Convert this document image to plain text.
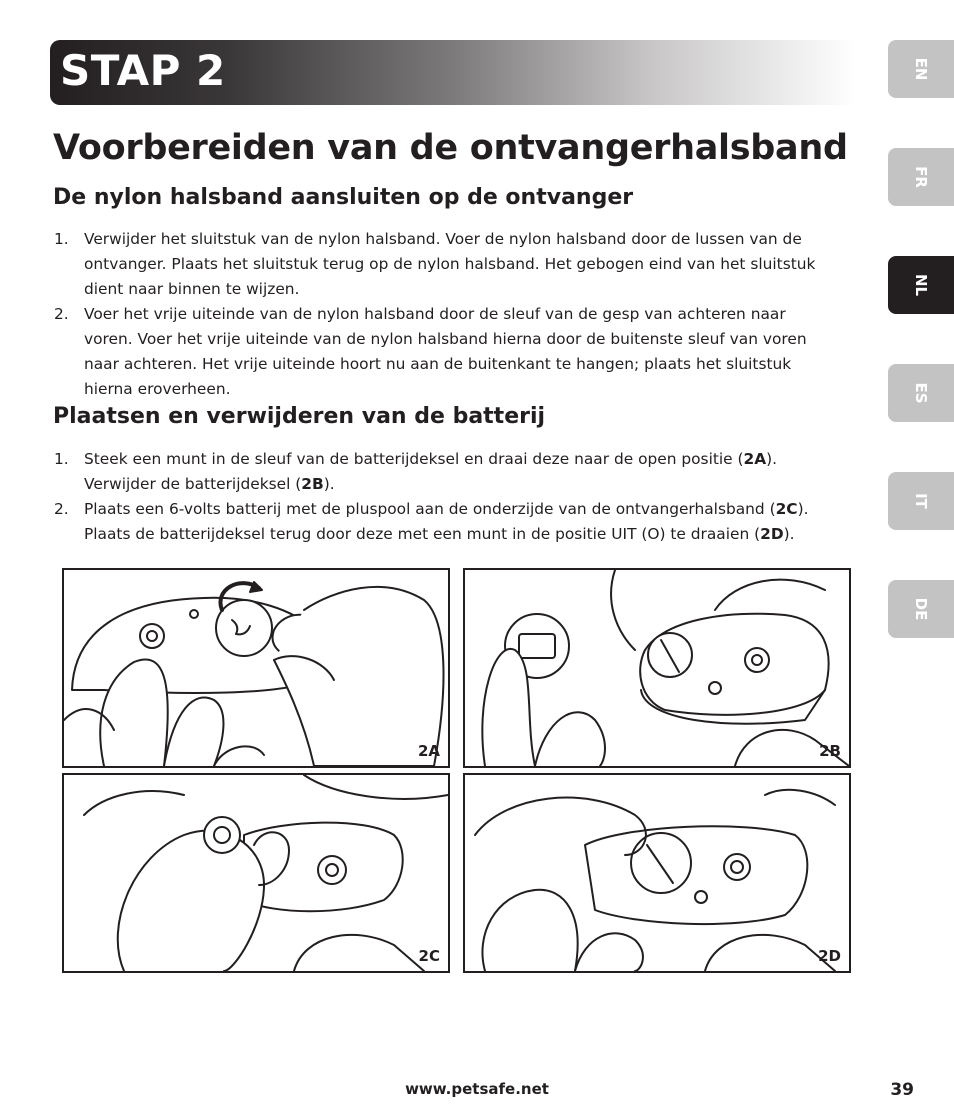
STAP 2	EN
FR
NL
ES
IT
DE
Voorbereiden van de ontvangerhalsband
De nylon halsband aansluiten op de ontvanger
1. Verwijder het sluitstuk van de nylon halsband. Voer de nylon halsband door de lussen van de ontvanger. Plaats het sluitstuk terug op de nylon halsband. Het gebogen eind van het sluitstuk dient naar binnen te wijzen.
2. Voer het vrije uiteinde van de nylon halsband door de sleuf van de gesp van achteren naar voren. Voer het vrije uiteinde van de nylon halsband hierna door de buitenste sleuf van voren naar achteren. Het vrije uiteinde hoort nu aan de buitenkant te hangen; plaats het sluitstuk hierna eroverheen.
Plaatsen en verwijderen van de batterij
1. Steek een munt in de sleuf van de batterijdeksel en draai deze naar de open positie (2A). Verwijder de batterijdeksel (2B).
2. Plaats een 6-volts batterij met de pluspool aan de onderzijde van de ontvangerhalsband (2C). Plaats de batterijdeksel terug door deze met een munt in de positie UIT (O) te draaien (2D).
2A	2B
2C	2D
www.petsafe.net	39
